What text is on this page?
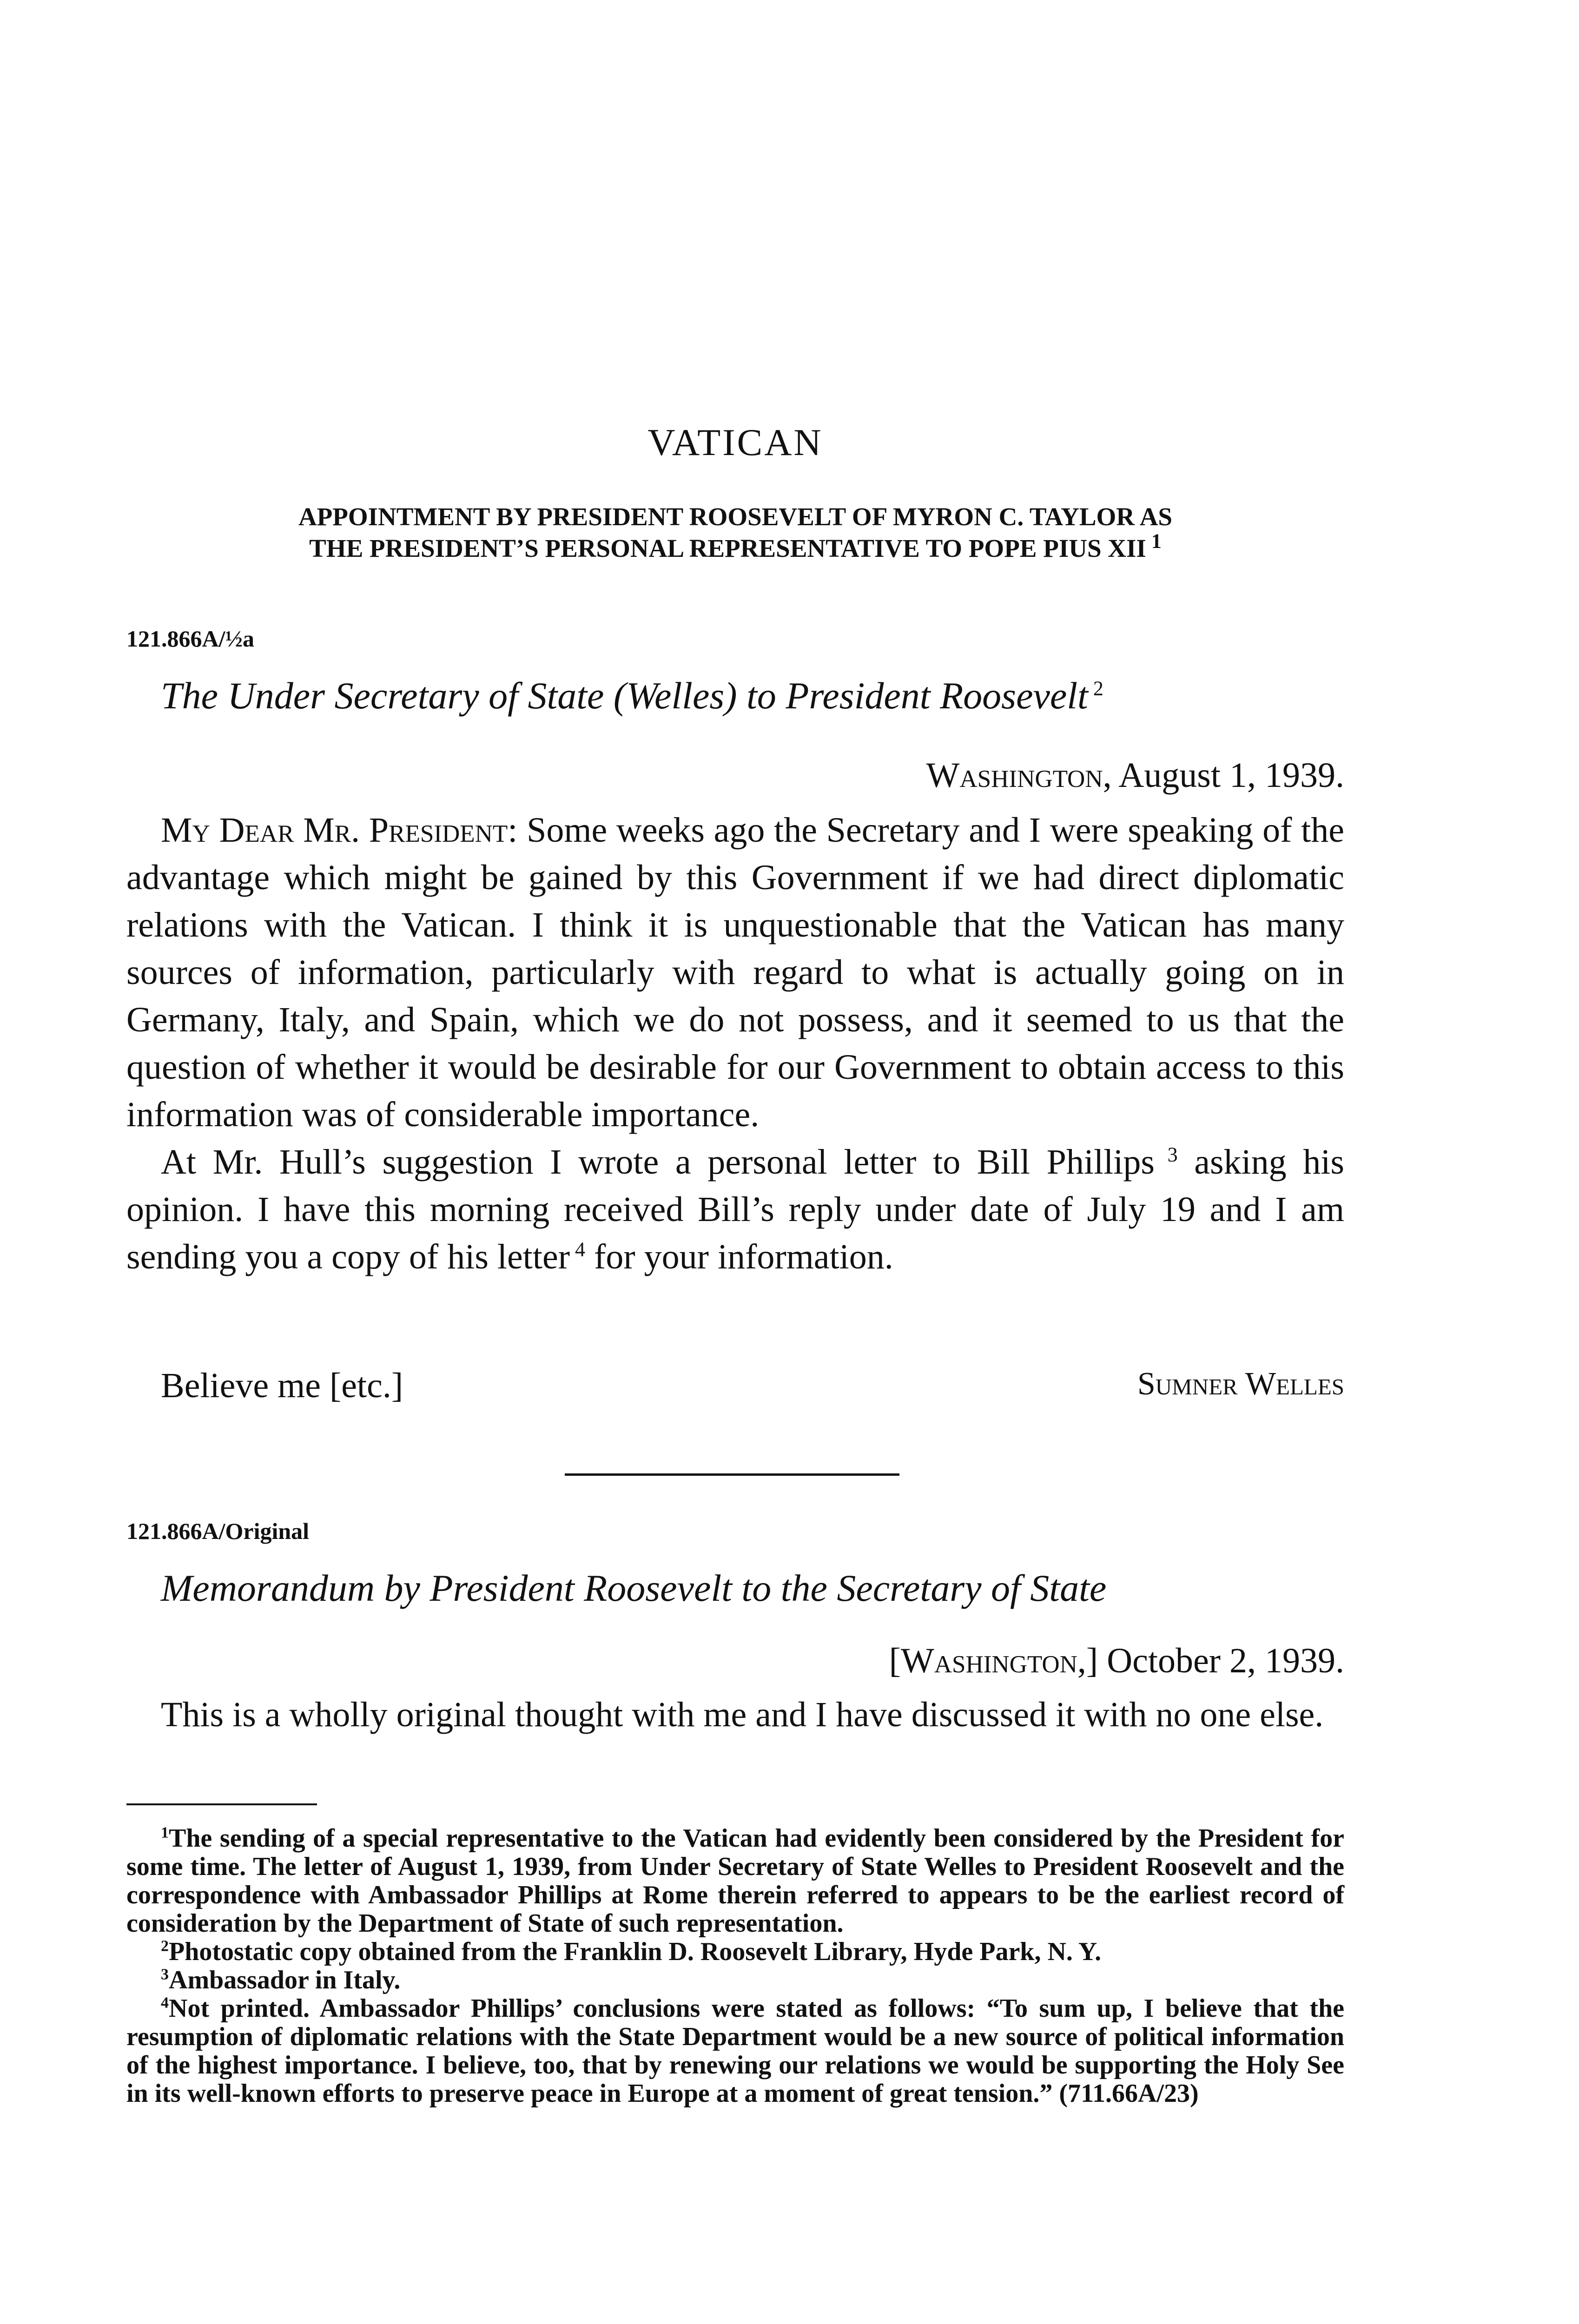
VATICAN
APPOINTMENT BY PRESIDENT ROOSEVELT OF MYRON C. TAYLOR AS
THE PRESIDENT’S PERSONAL REPRESENTATIVE TO POPE PIUS XII $^1$
121.866A/½a
The Under Secretary of State (Welles) to President Roosevelt $^2$
Washington, August 1, 1939.

My Dear Mr. President: Some weeks ago the Secretary and I were speaking of the advantage which might be gained by this Government if we had direct diplomatic relations with the Vatican. I think it is unquestionable that the Vatican has many sources of information, particularly with regard to what is actually going on in Germany, Italy, and Spain, which we do not possess, and it seemed to us that the question of whether it would be desirable for our Government to obtain access to this information was of considerable importance.

At Mr. Hull’s suggestion I wrote a personal letter to Bill Phillips $^3$ asking his opinion. I have this morning received Bill’s reply under date of July 19 and I am sending you a copy of his letter $^4$ for your information.

Believe me [etc.]	Sumner Welles
121.866A/Original
Memorandum by President Roosevelt to the Secretary of State
[Washington,] October 2, 1939.

This is a wholly original thought with me and I have discussed it with no one else.

$^1$The sending of a special representative to the Vatican had evidently been considered by the President for some time. The letter of August 1, 1939, from Under Secretary of State Welles to President Roosevelt and the correspondence with Ambassador Phillips at Rome therein referred to appears to be the earliest record of consideration by the Department of State of such representation.

$^2$Photostatic copy obtained from the Franklin D. Roosevelt Library, Hyde Park, N. Y.

$^3$Ambassador in Italy.

$^4$Not printed. Ambassador Phillips’ conclusions were stated as follows: “To sum up, I believe that the resumption of diplomatic relations with the State Department would be a new source of political information of the highest importance. I believe, too, that by renewing our relations we would be supporting the Holy See in its well-known efforts to preserve peace in Europe at a moment of great tension.” (711.66A/23)
